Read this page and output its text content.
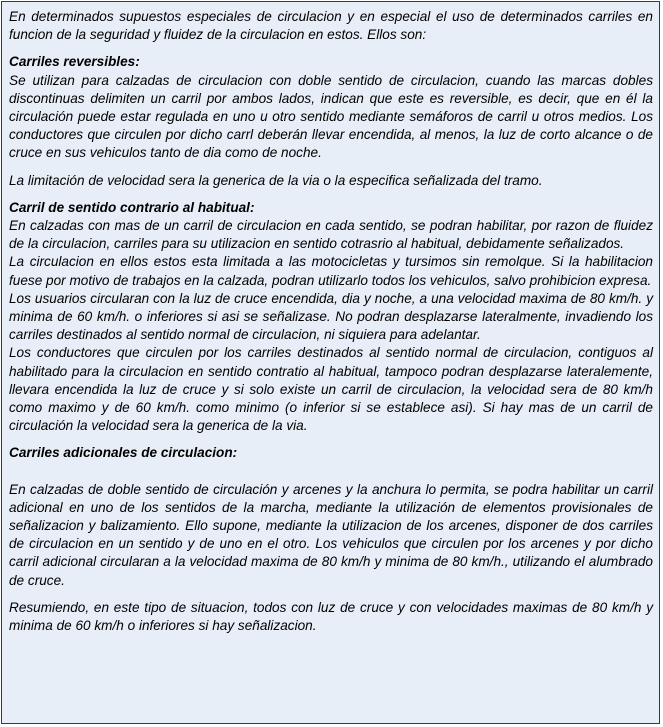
En determinados supuestos especiales de circulacion y en especial el uso de determinados carriles en funcion de la seguridad y fluidez de la circulacion en estos. Ellos son:

Carriles reversibles:

Se utilizan para calzadas de circulacion con doble sentido de circulacion, cuando las marcas dobles discontinuas delimiten un carril por ambos lados, indican que este es reversible, es decir, que en él la circulación puede estar regulada en uno u otro sentido mediante semáforos de carril u otros medios. Los conductores que circulen por dicho carrl deberán llevar encendida, al menos, la luz de corto alcance o de cruce en sus vehiculos tanto de dia como de noche.

La limitación de velocidad sera la generica de la via o la especifica señalizada del tramo.

Carril de sentido contrario al habitual:

En calzadas con mas de un carril de circulacion en cada sentido, se podran habilitar, por razon de fluidez de la circulacion, carriles para su utilizacion en sentido cotrasrio al habitual, debidamente señalizados.

La circulacion en ellos estos esta limitada a las motocicletas y tursimos sin remolque. Si la habilitacion fuese por motivo de trabajos en la calzada, podran utilizarlo todos los vehiculos, salvo prohibicion expresa.

Los usuarios circularan con la luz de cruce encendida, dia y noche, a una velocidad maxima de 80 km/h. y minima de 60 km/h. o inferiores si asi se señalizase. No podran desplazarse lateralmente, invadiendo los carriles destinados al sentido normal de circulacion, ni siquiera para adelantar.

Los conductores que circulen por los carriles destinados al sentido normal de circulacion, contiguos al habilitado para la circulacion en sentido contratio al habitual, tampoco podran desplazarse lateralemente, llevara encendida la luz de cruce y si solo existe un carril de circulacion, la velocidad sera de 80 km/h como maximo y de 60 km/h. como minimo (o inferior si se establece asi). Si hay mas de un carril de circulación la velocidad sera la generica de la via.

Carriles adicionales de circulacion:

En calzadas de doble sentido de circulación y arcenes y la anchura lo permita, se podra habilitar un carril adicional en uno de los sentidos de la marcha, mediante la utilización de elementos provisionales de señalizacion y balizamiento. Ello supone, mediante la utilizacion de los arcenes, disponer de dos carriles de circulacion en un sentido y de uno en el otro. Los vehiculos que circulen por los arcenes y por dicho carril adicional circularan a la velocidad maxima de 80 km/h y minima de 80 km/h., utilizando el alumbrado de cruce.

Resumiendo, en este tipo de situacion, todos con luz de cruce y con velocidades maximas de 80 km/h y minima de 60 km/h o inferiores si hay señalizacion.
